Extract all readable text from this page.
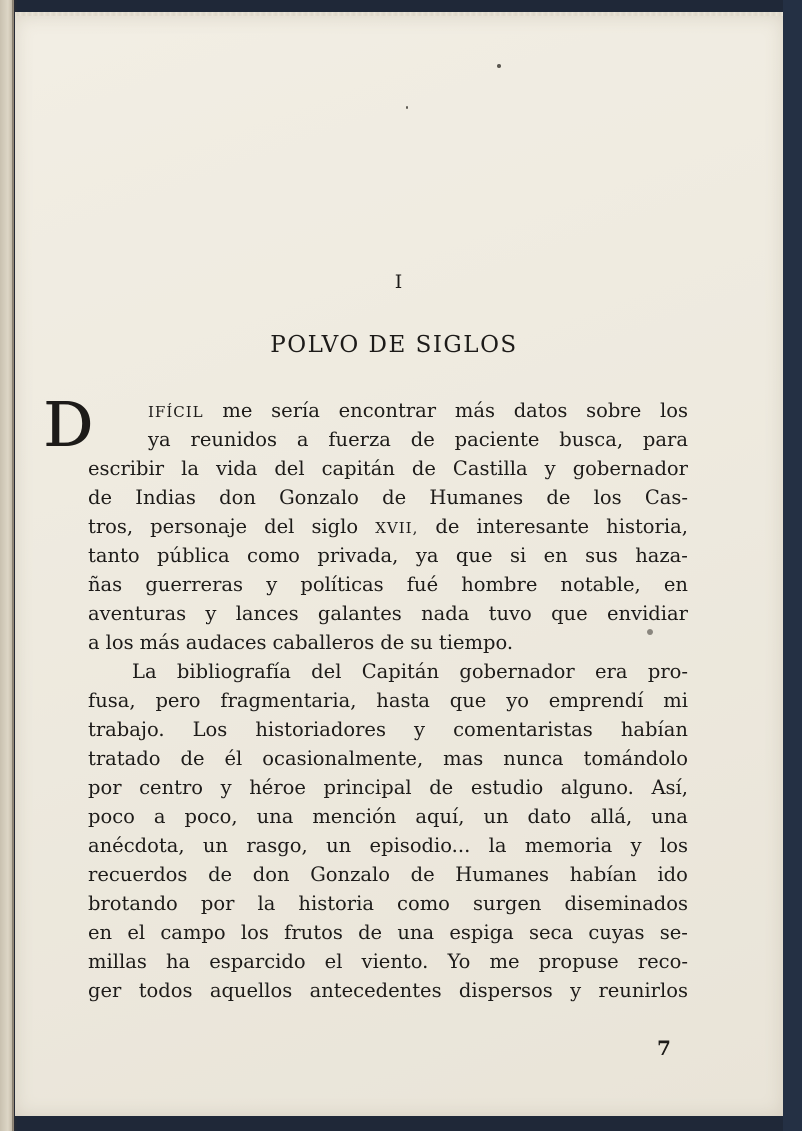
I
POLVO DE SIGLOS
D	IFÍCIL me sería encontrar más datos sobre los
ya reunidos a fuerza de paciente busca, para
escribir la vida del capitán de Castilla y gobernador
de Indias don Gonzalo de Humanes de los Cas-
tros, personaje del siglo XVII, de interesante historia,
tanto pública como privada, ya que si en sus haza-
ñas guerreras y políticas fué hombre notable, en
aventuras y lances galantes nada tuvo que envidiar
a los más audaces caballeros de su tiempo.
La bibliografía del Capitán gobernador era pro-
fusa, pero fragmentaria, hasta que yo emprendí mi
trabajo. Los historiadores y comentaristas habían
tratado de él ocasionalmente, mas nunca tomándolo
por centro y héroe principal de estudio alguno. Así,
poco a poco, una mención aquí, un dato allá, una
anécdota, un rasgo, un episodio... la memoria y los
recuerdos de don Gonzalo de Humanes habían ido
brotando por la historia como surgen diseminados
en el campo los frutos de una espiga seca cuyas se-
millas ha esparcido el viento. Yo me propuse reco-
ger todos aquellos antecedentes dispersos y reunirlos
7
